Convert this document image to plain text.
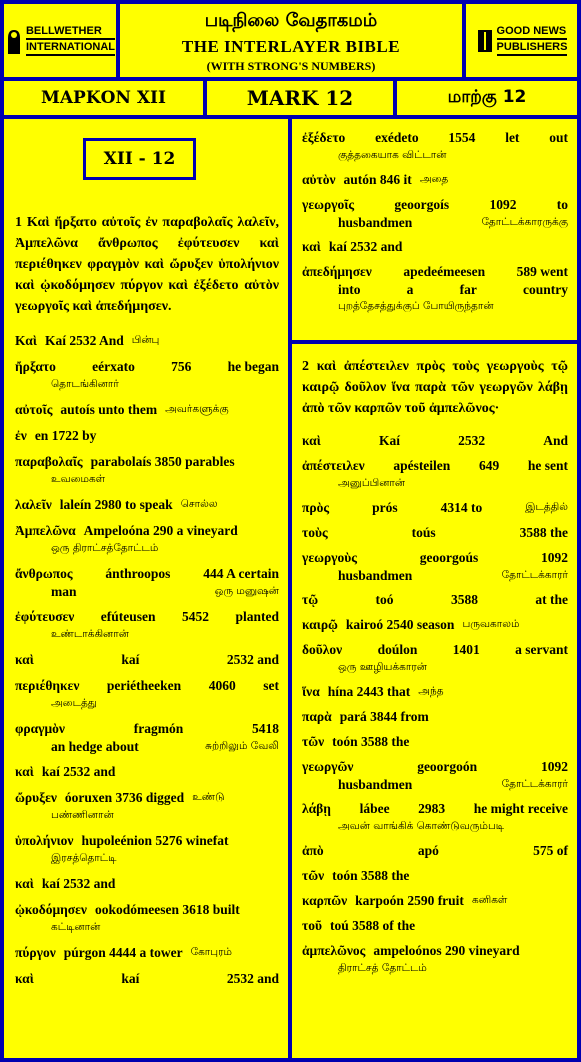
BELLWETHER
INTERNATIONAL
படிநிலை வேதாகமம்
THE INTERLAYER BIBLE
(WITH STRONG'S NUMBERS)
GOOD NEWS
PUBLISHERS
ΜΑΡΚΟΝ ΧΙΙ	MARK 12	மாற்கு 12
XII - 12
1 Καὶ ἤρξατο αὐτοῖς ἐν παραβολαῖς λαλεῖν, Ἀμπελῶνα ἄνθρωπος ἐφύτευσεν καὶ περιέθηκεν φραγμὸν καὶ ὤρυξεν ὑπολήνιον καὶ ᾠκοδόμησεν πύργον καὶ ἐξέδετο αὐτὸν γεωργοῖς καὶ ἀπεδήμησεν.
Καὶ Kaí 2532 And பின்பு
ἤρξατο	eérxato	756	he began
தொடங்கினார்
αὐτοῖς autoís unto them அவர்களுக்கு
ἐν en 1722 by
παραβολαῖς parabolaís 3850 parables
உவமைகள்
λαλεῖν laleín 2980 to speak சொல்ல
Ἀμπελῶνα Ampeloóna 290 a vineyard
ஒரு திராட்சத்தோட்டம்
ἄνθρωπος ánthroopos 444 A certain
man	ஒரு மனுஷன்
ἐφύτευσεν efúteusen 5452 planted
உண்டாக்கினான்
καὶ	kaí	2532 and
περιέθηκεν periétheeken 4060 set
அடைத்து
φραγμὸν	fragmón	5418
an hedge about	சுற்றிலும் வேலி
καὶ kaí 2532 and
ὤρυξεν óoruxen 3736 digged உண்டு
பண்ணினான்
ὑπολήνιον hupoleénion 5276 winefat
இரசத்தொட்டி
καὶ kaí 2532 and
ᾠκοδόμησεν ookodómeesen 3618 built
கட்டினான்
πύργον púrgon 4444 a tower கோபுரம்
καὶ	kaí	2532 and
ἐξέδετο exédeto 1554 let out
குத்தகையாக விட்டான்
αὐτὸν autón 846 it அதை
γεωργοῖς	geoorgoís	1092	to
husbandmen	தோட்டக்காரருக்கு
καὶ kaí 2532 and
ἀπεδήμησεν apedeémeesen 589 went
into	a	far	country
புறத்தேசத்துக்குப் போயிருந்தான்
2 καὶ ἀπέστειλεν πρὸς τοὺς γεωργοὺς τῷ καιρῷ δοῦλον ἵνα παρὰ τῶν γεωργῶν λάβῃ ἀπὸ τῶν καρπῶν τοῦ ἀμπελῶνος·
καὶ	Kaí	2532	And
ἀπέστειλεν apésteilen 649 he sent
அனுப்பினான்
πρὸς	prós	4314 to	இடத்தில்
τοὺς	toús	3588 the
γεωργοὺς	geoorgoús	1092
husbandmen	தோட்டக்காரர்
τῷ	toó	3588	at the
καιρῷ kairoó 2540 season பருவகாலம்
δοῦλον	doúlon	1401	a servant
ஒரு ஊழியக்காரன்
ἵνα hína 2443 that அந்த
παρὰ pará 3844 from
τῶν toón 3588 the
γεωργῶν	geoorgoón	1092
husbandmen	தோட்டக்காரர்
λάβῃ lábee 2983 he might receive
அவன் வாங்கிக் கொண்டுவரும்படி
ἀπὸ	apó	575 of
τῶν toón 3588 the
καρπῶν karpoón 2590 fruit கனிகள்
τοῦ toú 3588 of the
ἀμπελῶνος ampeloónos 290 vineyard
திராட்சத் தோட்டம்
